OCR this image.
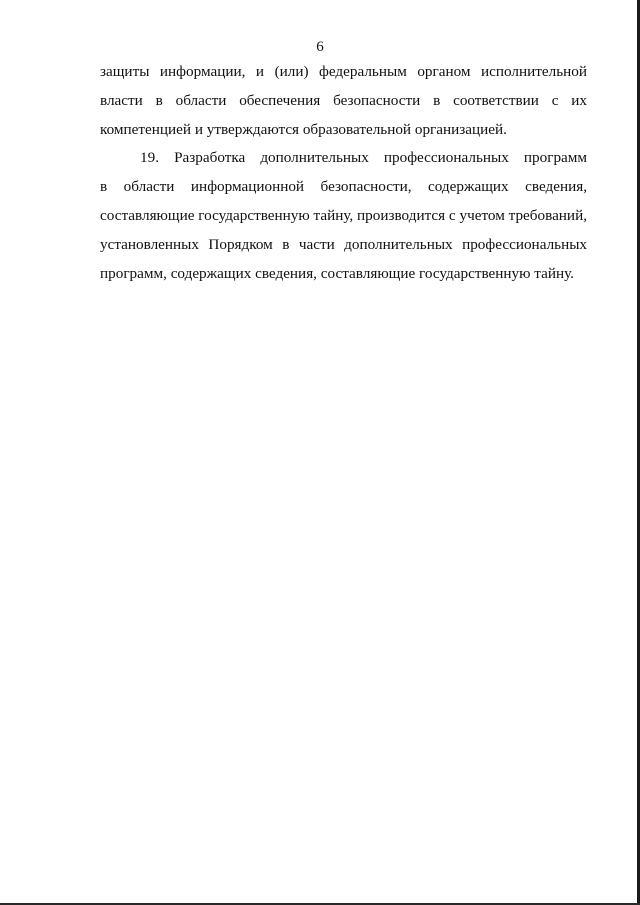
6
защиты информации, и (или) федеральным органом исполнительной
власти в области обеспечения безопасности в соответствии с их
компетенцией и утверждаются образовательной организацией.
19. Разработка дополнительных профессиональных программ
в области информационной безопасности, содержащих сведения,
составляющие государственную тайну, производится с учетом требований,
установленных Порядком в части дополнительных профессиональных
программ, содержащих сведения, составляющие государственную тайну.
